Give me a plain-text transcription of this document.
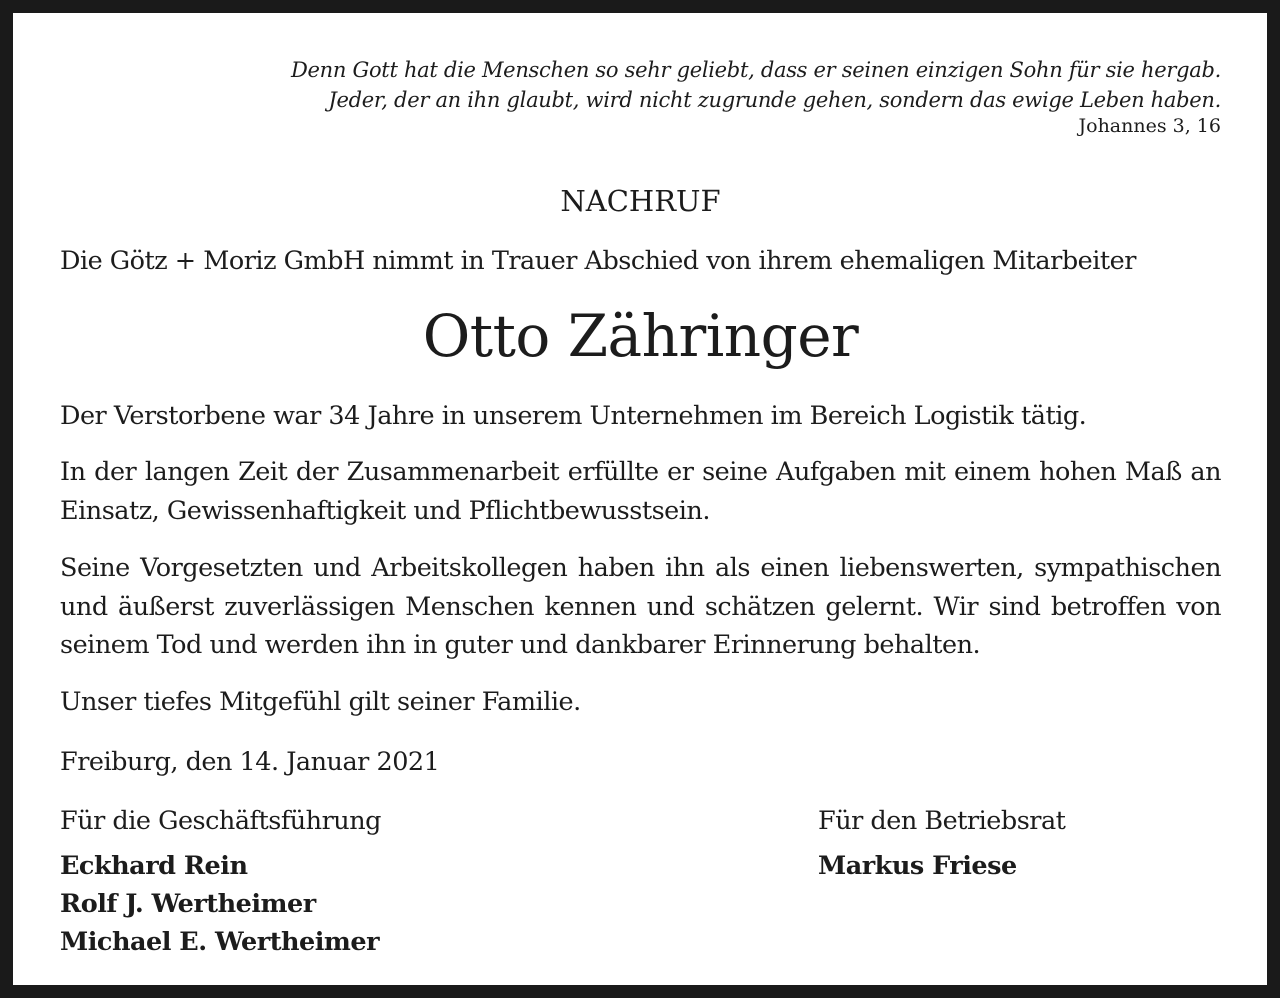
Denn Gott hat die Menschen so sehr geliebt, dass er seinen einzigen Sohn für sie hergab.
Jeder, der an ihn glaubt, wird nicht zugrunde gehen, sondern das ewige Leben haben.
Johannes 3, 16
NACHRUF
Die Götz + Moriz GmbH nimmt in Trauer Abschied von ihrem ehemaligen Mitarbeiter
Otto Zähringer
Der Verstorbene war 34 Jahre in unserem Unternehmen im Bereich Logistik tätig.
In der langen Zeit der Zusammenarbeit erfüllte er seine Aufgaben mit einem hohen Maß an Einsatz, Gewissenhaftigkeit und Pflichtbewusstsein.
Seine Vorgesetzten und Arbeitskollegen haben ihn als einen liebenswerten, sympathischen und äußerst zuverlässigen Menschen kennen und schätzen gelernt. Wir sind betroffen von seinem Tod und werden ihn in guter und dankbarer Erinnerung behalten.
Unser tiefes Mitgefühl gilt seiner Familie.
Freiburg, den 14. Januar 2021
Für die Geschäftsführung
Eckhard Rein
Rolf J. Wertheimer
Michael E. Wertheimer
Für den Betriebsrat
Markus Friese
